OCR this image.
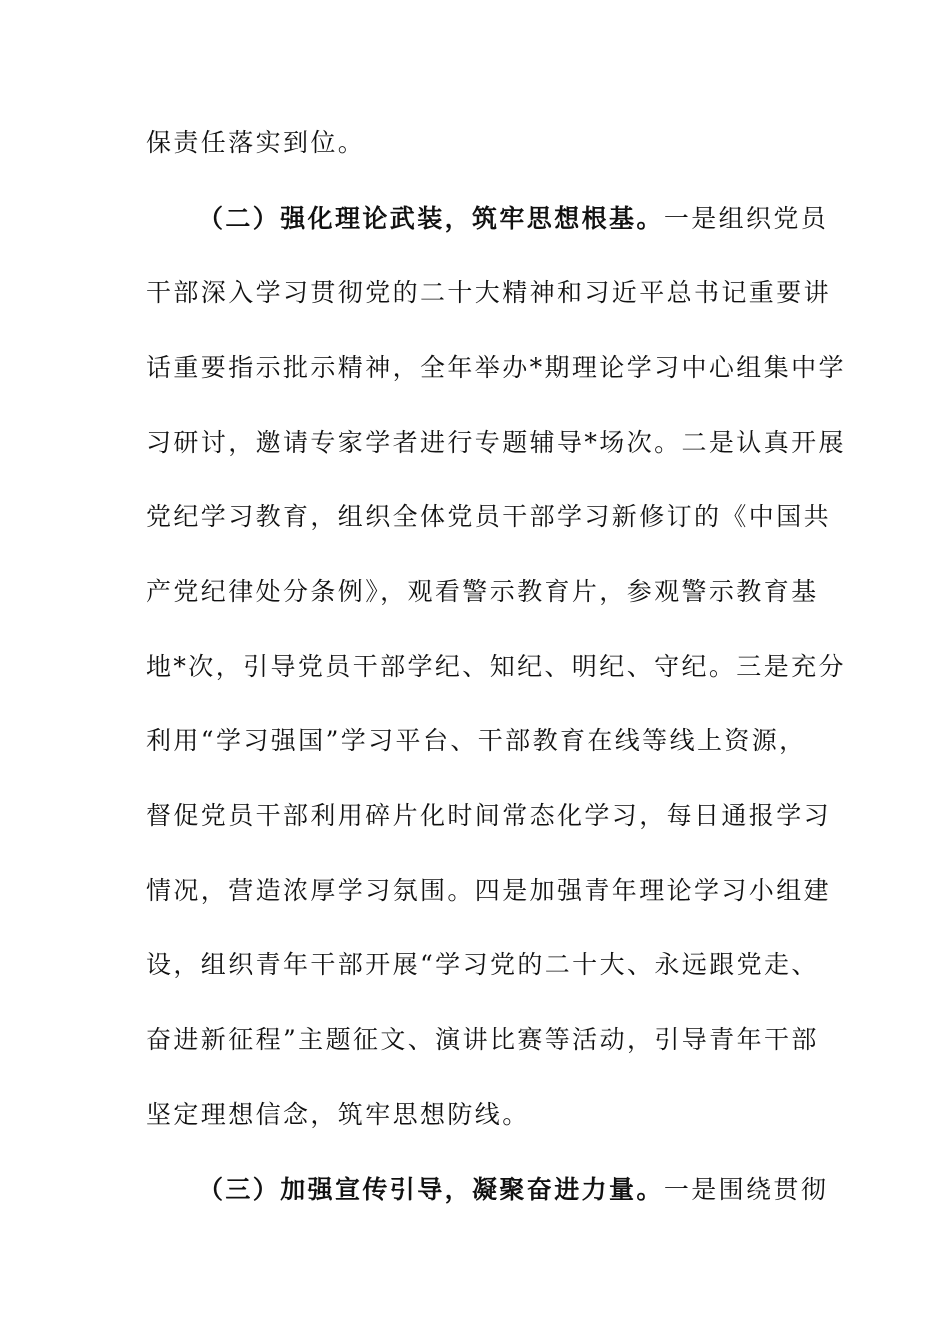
保责任落实到位。
（二）强化理论武装，筑牢思想根基。一是组织党员
干部深入学习贯彻党的二十大精神和习近平总书记重要讲
话重要指示批示精神，全年举办*期理论学习中心组集中学
习研讨，邀请专家学者进行专题辅导*场次。二是认真开展
党纪学习教育，组织全体党员干部学习新修订的《中国共
产党纪律处分条例》，观看警示教育片，参观警示教育基
地*次，引导党员干部学纪、知纪、明纪、守纪。三是充分
利用“学习强国”学习平台、干部教育在线等线上资源，
督促党员干部利用碎片化时间常态化学习，每日通报学习
情况，营造浓厚学习氛围。四是加强青年理论学习小组建
设，组织青年干部开展“学习党的二十大、永远跟党走、
奋进新征程”主题征文、演讲比赛等活动，引导青年干部
坚定理想信念，筑牢思想防线。
（三）加强宣传引导，凝聚奋进力量。一是围绕贯彻
